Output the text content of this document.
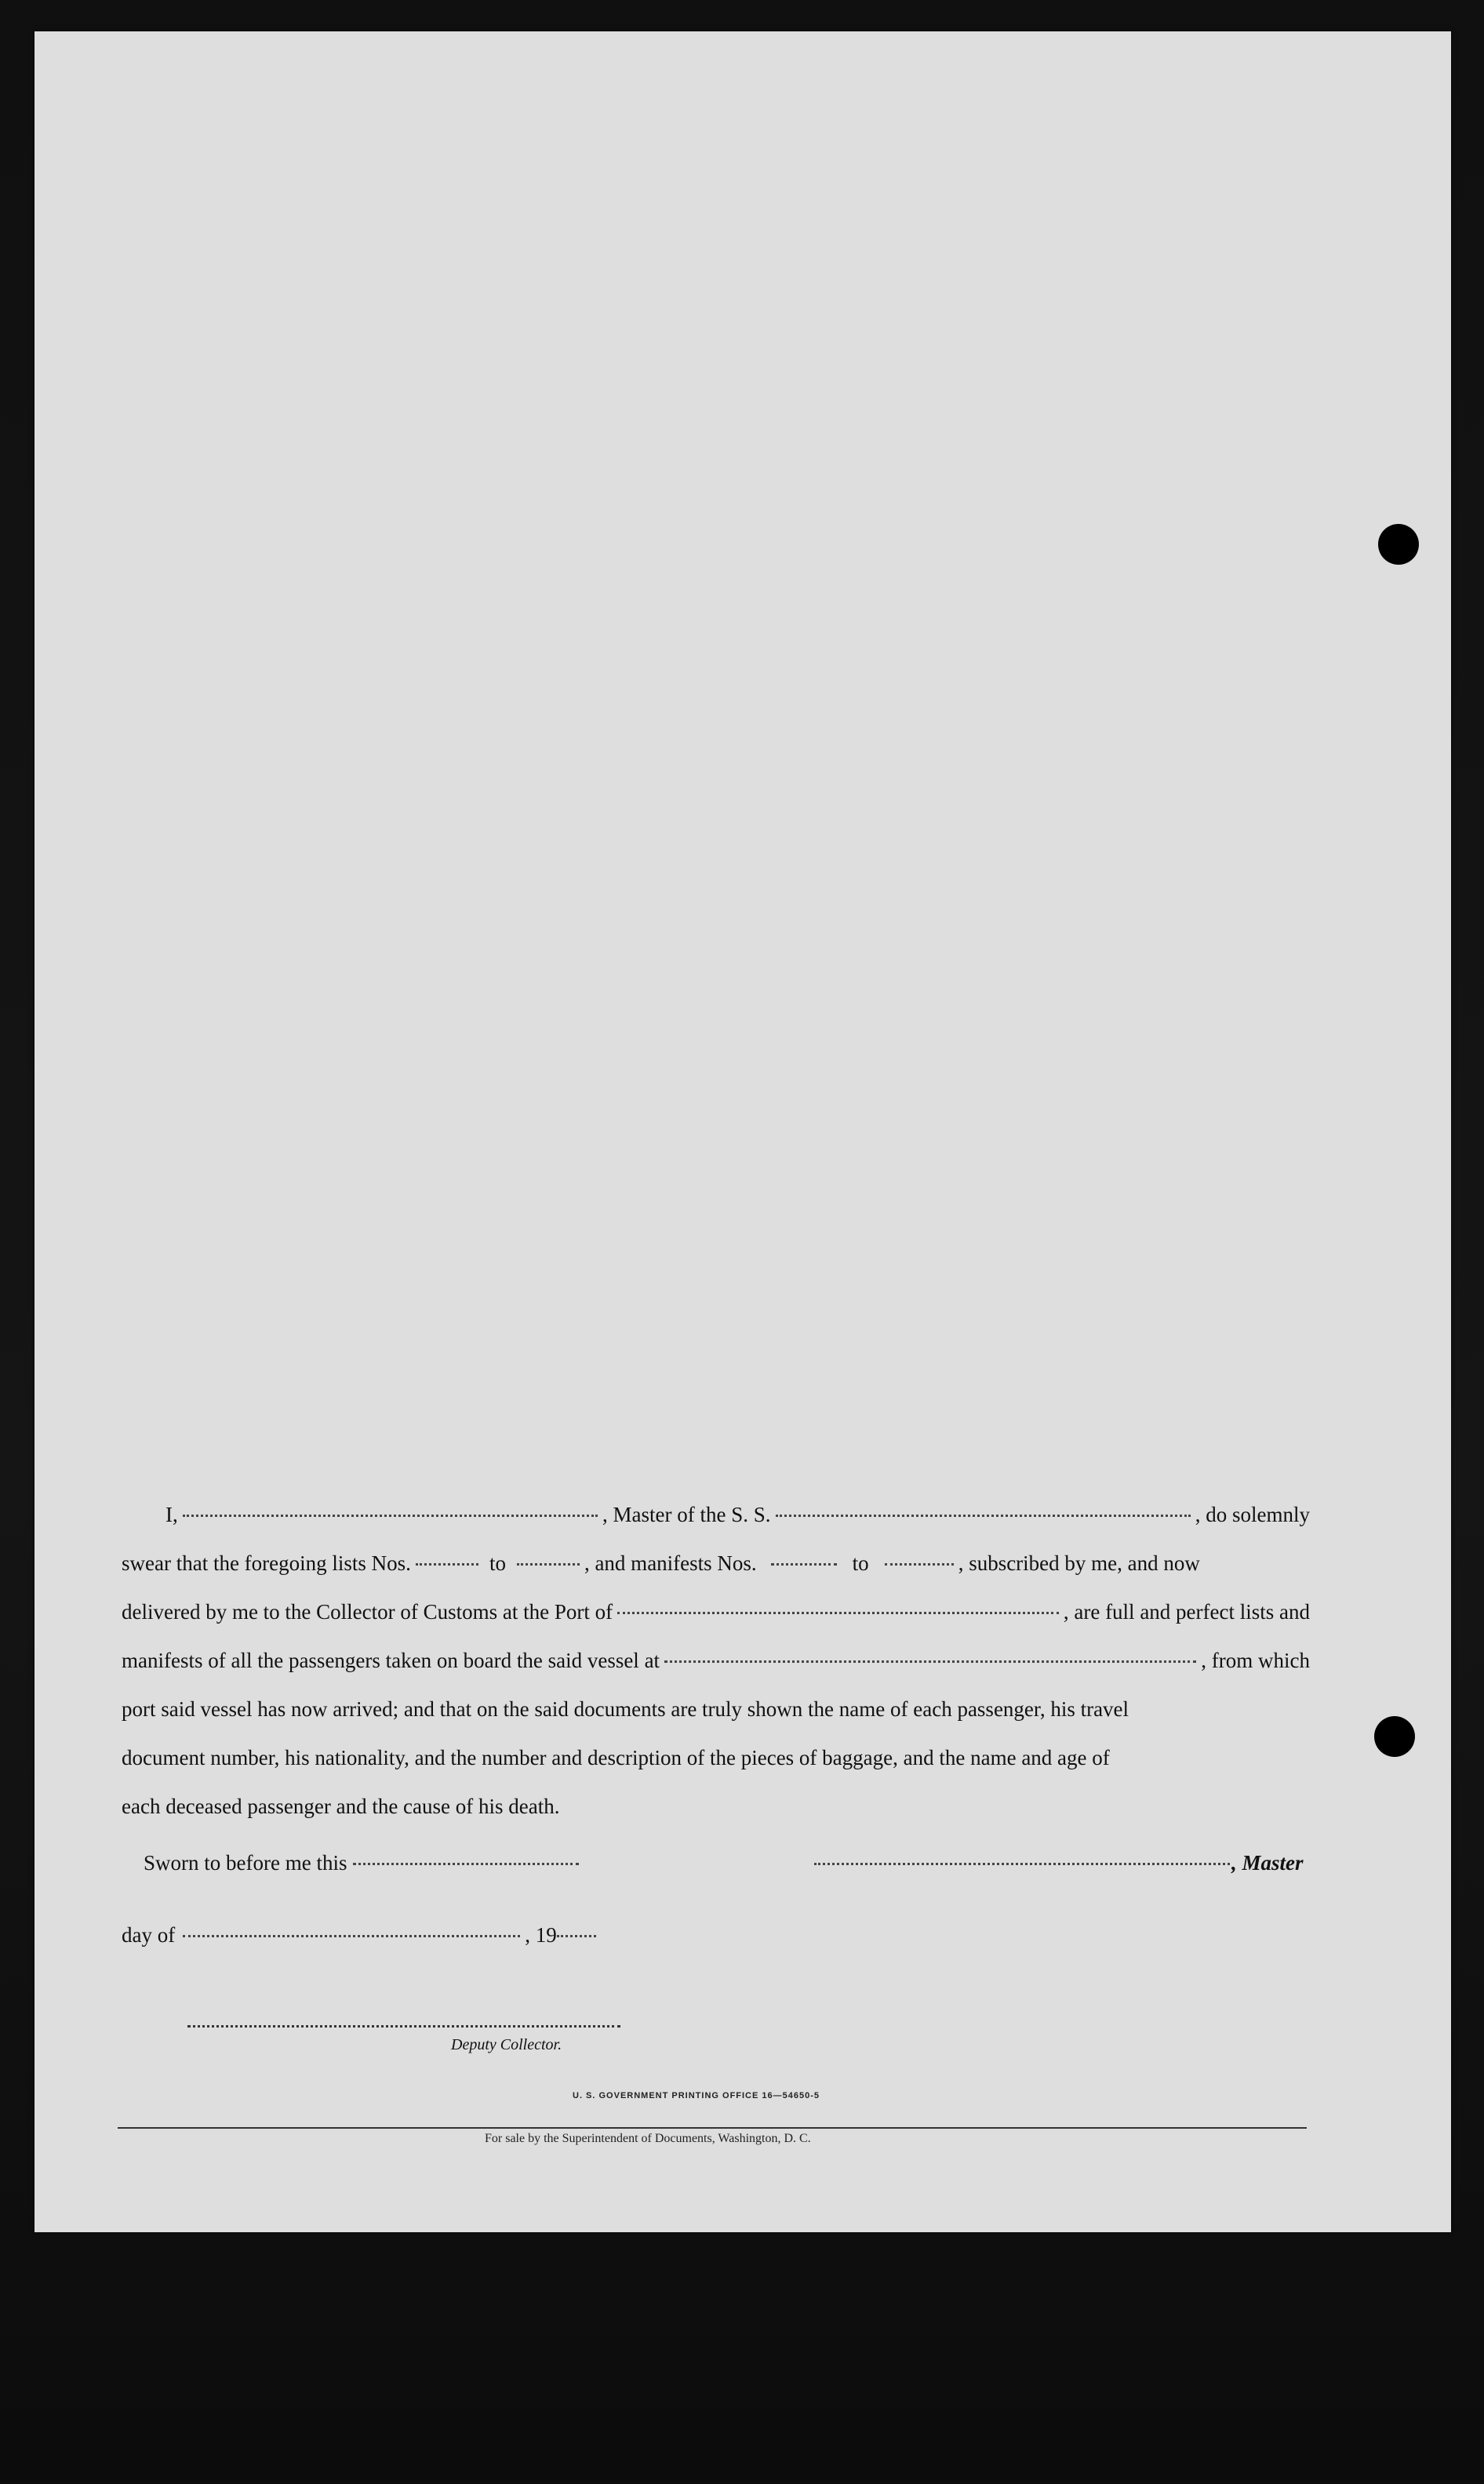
I,	, Master of the S. S.	, do solemnly
swear that the foregoing lists Nos.	to	, and manifests Nos.	to	, subscribed by me, and now
delivered by me to the Collector of Customs at the Port of	, are full and perfect lists and
manifests of all the passengers taken on board the said vessel at	, from which
port said vessel has now arrived; and that on the said documents are truly shown the name of each passenger, his travel
document number, his nationality, and the number and description of the pieces of baggage, and the name and age of
each deceased passenger and the cause of his death.
Sworn to before me this	, Master
day of	, 19
Deputy Collector.
U. S. GOVERNMENT PRINTING OFFICE 16—54650-5
For sale by the Superintendent of Documents, Washington, D. C.
